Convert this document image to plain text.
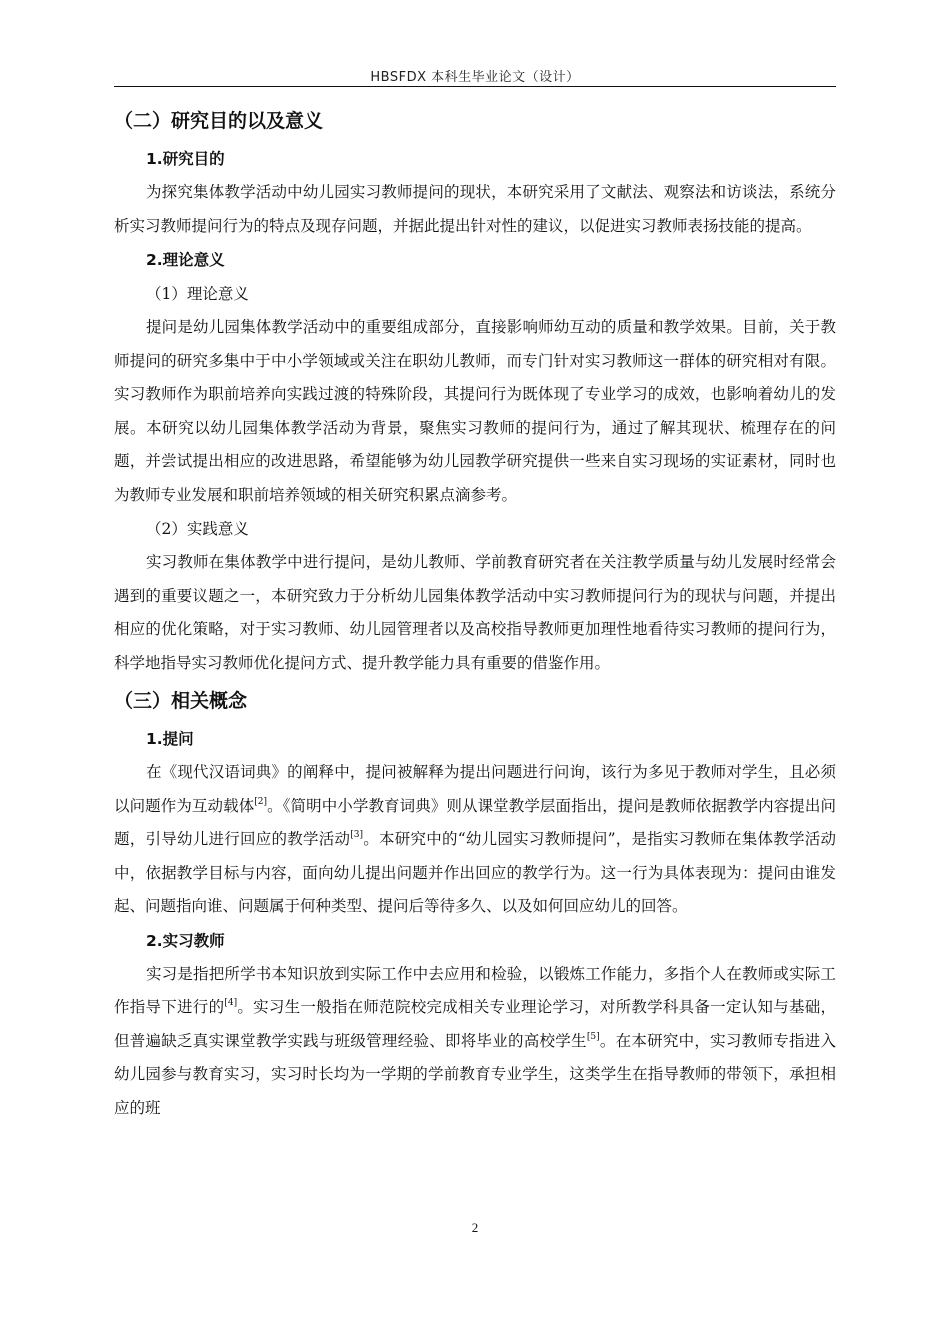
HBSFDX 本科生毕业论文（设计）
（二）研究目的以及意义
1.研究目的

为探究集体教学活动中幼儿园实习教师提问的现状，本研究采用了文献法、观察法和访谈法，系统分析实习教师提问行为的特点及现存问题，并据此提出针对性的建议，以促进实习教师表扬技能的提高。

2.理论意义
（1）理论意义

提问是幼儿园集体教学活动中的重要组成部分，直接影响师幼互动的质量和教学效果。目前，关于教师提问的研究多集中于中小学领域或关注在职幼儿教师，而专门针对实习教师这一群体的研究相对有限。实习教师作为职前培养向实践过渡的特殊阶段，其提问行为既体现了专业学习的成效，也影响着幼儿的发展。本研究以幼儿园集体教学活动为背景，聚焦实习教师的提问行为，通过了解其现状、梳理存在的问题，并尝试提出相应的改进思路，希望能够为幼儿园教学研究提供一些来自实习现场的实证素材，同时也为教师专业发展和职前培养领域的相关研究积累点滴参考。

（2）实践意义

实习教师在集体教学中进行提问，是幼儿教师、学前教育研究者在关注教学质量与幼儿发展时经常会遇到的重要议题之一，本研究致力于分析幼儿园集体教学活动中实习教师提问行为的现状与问题，并提出相应的优化策略，对于实习教师、幼儿园管理者以及高校指导教师更加理性地看待实习教师的提问行为，科学地指导实习教师优化提问方式、提升教学能力具有重要的借鉴作用。

（三）相关概念
1.提问

在《现代汉语词典》的阐释中，提问被解释为提出问题进行问询，该行为多见于教师对学生，且必须以问题作为互动载体[2]。《简明中小学教育词典》则从课堂教学层面指出，提问是教师依据教学内容提出问题，引导幼儿进行回应的教学活动[3]。本研究中的“幼儿园实习教师提问”，是指实习教师在集体教学活动中，依据教学目标与内容，面向幼儿提出问题并作出回应的教学行为。这一行为具体表现为：提问由谁发起、问题指向谁、问题属于何种类型、提问后等待多久、以及如何回应幼儿的回答。

2.实习教师

实习是指把所学书本知识放到实际工作中去应用和检验，以锻炼工作能力，多指个人在教师或实际工作指导下进行的[4]。实习生一般指在师范院校完成相关专业理论学习，对所教学科具备一定认知与基础，但普遍缺乏真实课堂教学实践与班级管理经验、即将毕业的高校学生[5]。在本研究中，实习教师专指进入幼儿园参与教育实习，实习时长均为一学期的学前教育专业学生，这类学生在指导教师的带领下，承担相应的班

2
